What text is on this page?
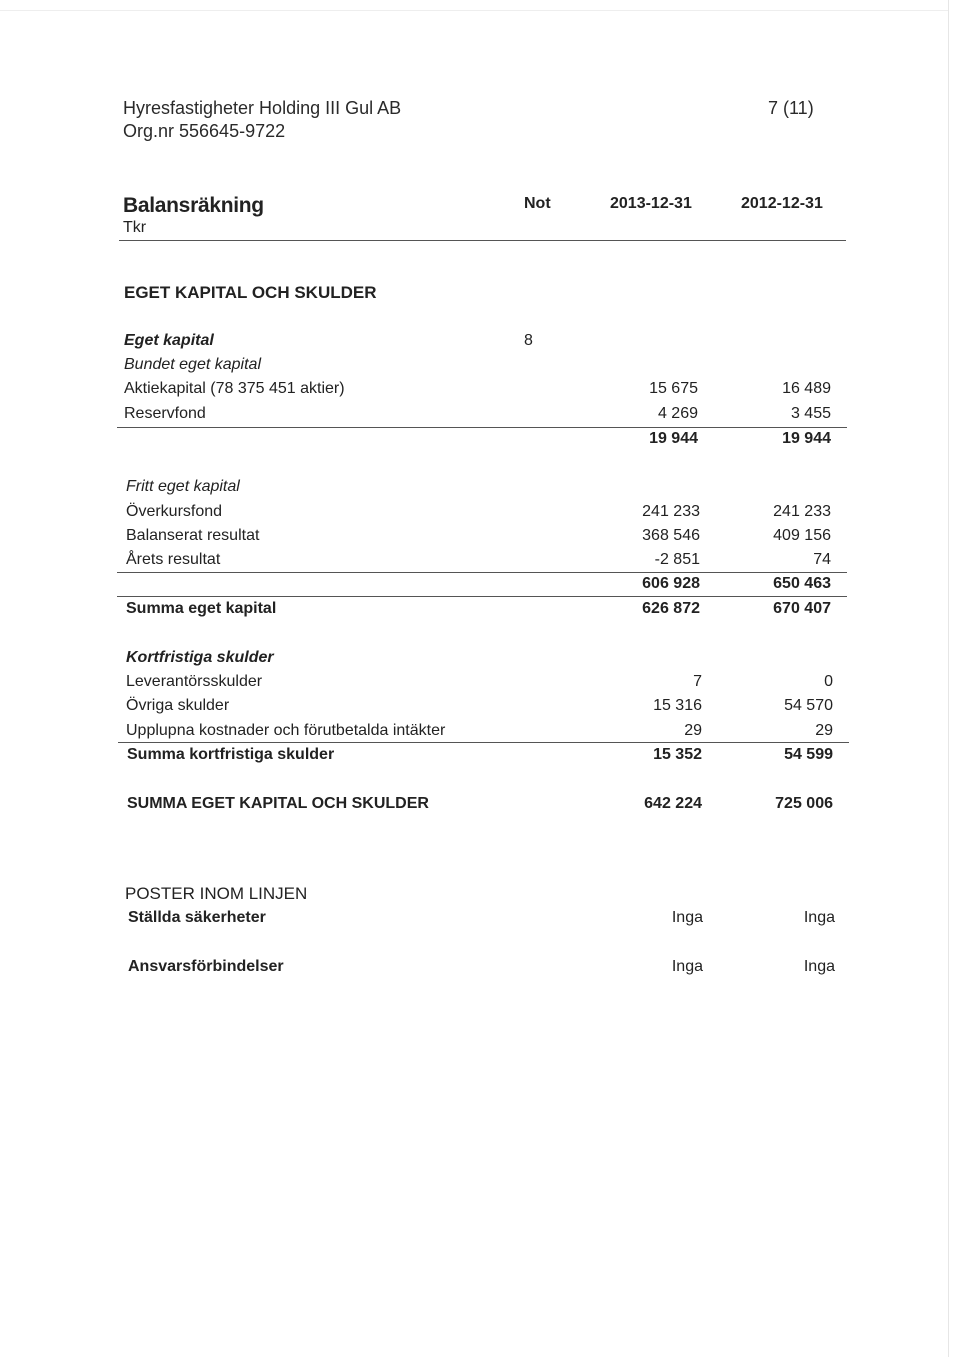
Hyresfastigheter Holding III Gul AB
Org.nr 556645-9722
7 (11)
Balansräkning	Not	2013-12-31	2012-12-31
Tkr
EGET KAPITAL OCH SKULDER
Eget kapital	8
Bundet eget kapital
Aktiekapital (78 375 451 aktier)	15 675	16 489
Reservfond	4 269	3 455
19 944	19 944
Fritt eget kapital
Överkursfond	241 233	241 233
Balanserat resultat	368 546	409 156
Årets resultat	-2 851	74
606 928	650 463
Summa eget kapital	626 872	670 407
Kortfristiga skulder
Leverantörsskulder	7	0
Övriga skulder	15 316	54 570
Upplupna kostnader och förutbetalda intäkter	29	29
Summa kortfristiga skulder	15 352	54 599
SUMMA EGET KAPITAL OCH SKULDER	642 224	725 006
POSTER INOM LINJEN
Ställda säkerheter	Inga	Inga
Ansvarsförbindelser	Inga	Inga
